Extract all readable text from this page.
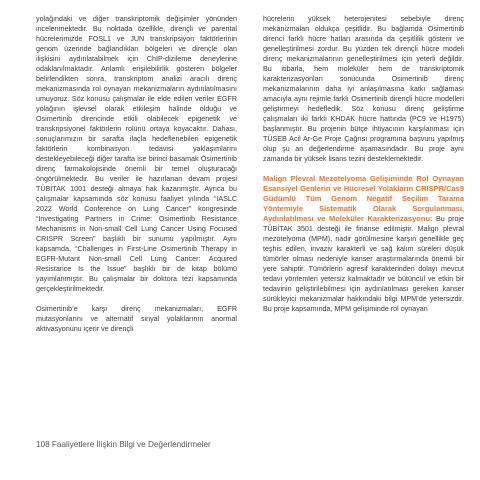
yolağındaki ve diğer transkriptomik değişimler yönünden incelenmektedir. Bu noktada özellikle, dirençli ve parental hücrelerimizde FOSL1 ve JUN transkripsiyon faktörlerinin genom üzerinde bağlandıkları bölgeleri ve dirençle olan ilişkisini aydınlatabilmek için ChIP-dizileme deneylerine odaklanılmaktadır. Anlamlı erişilebilirlik gösteren bölgeler belirlendikten sonra, transkriptom analizi aracılı direnç mekanizmasında rol oynayan mekanizmaların aydınlatılmasını umuyoruz. Söz konusu çalışmalar ile elde edilen veriler EGFR yolağının işlevsel olarak etkileşim halinde olduğu ve Osimertinib direncinde etkili olabilecek epigenetik ve transkripsiyonel faktörlerin rolünü ortaya koyacaktır. Dahası, sonuçlarımızın bir sarafta ilaçla hedeflenebileri epigenetik faktörlerin kombinasyon tedavisi yaklaşımlarını destekleyebileceği diğer tarafta ise birinci basamak Osimertinib direnç farmakolojisinde önemli bir temel oluşturacağı öngörülmektedir. Bu veriler ile hazırlanan devam projesi TÜBİTAK 1001 desteği almaya hak kazanmıştır. Ayrıca bu çalışmalar kapsamında söz konusu faaliyet yılında “IASLC 2022 World Conference on Lung Cancer” kongresinde “Investigating Partners in Crime: Osimertinib Resistance Mechanisms in Non-small Cell Lung Cancer Using Focused CRISPR Screen” başlıklı bir sunumu yapılmıştır. Aynı kapsamda, “Challenges in First-Line Osimertinib Therapy in EGFR-Mutant Non-small Cell Lung Cancer: Acquired Resistance Is the Issue” başlıklı bir de kitap bölümü yayımlanmıştır. Bu çalışmalar bir doktora tezi kapsamında gerçekleştirilmektedir.

Osimertinib’e karşı direnç mekanizmaları; EGFR mutasyonlarını ve alternatif sinyal yolaklarının anormal aktivasyonunu içerir ve dirençli

hücrelerin yüksek heterojenitesi sebebiyle direnç mekanizmaları oldukça çeşitlidir. Bu bağlamda Osimertinib direnci farklı hücre hatları arasında da çeşitlilik gösterir ve genelleştirilmesi zordur. Bu yüzden tek dirençli hücre modeli direnç mekanizmalarının genelleştirilmesi için yeterli değildir. Bu itibarla, hem moleküler hem de transkriptomik karakterizasyonları sonucunda Osimertinib direnç mekanizmalarının daha iyi anlaşılmasına katkı sağlaması amacıyla aynı rejimle farklı Osimertinib dirençli hücre modelleri geliştirmeyi hedefledik. Söz konusu direnç geliştirme çalışmaları iki farklı KHDAK hücre hattında (PC9 ve H1975) başlanmıştır. Bu projenin bütçe ihtiyacının karşılanması için TÜSEB Acil Ar-Ge Proje Çağrısı programına başvuru yapılmış olup şu an değerlendirme aşamasındadır. Bu proje aynı zamanda bir yüksek lisans tezini desteklemektedir.

Malign Plevral Mezotelyoma Gelişiminde Rol Oynayan Esansiyel Genlerin ve Hücresel Yolakların CRISPR/Cas9 Güdümlü Tüm Genom Negatif Seçilim Tarama Yöntemiyle Sistematik Olarak Sorgulanması, Aydınlatılması ve Moleküler Karakterizasyonu: Bu proje TÜBİTAK 3501 desteği ile finanse edilmiştir. Malign plevral mezotelyoma (MPM), nadir görülmesine karşın genellikle geç teşhis edilen, invaziv karakterli ve sağ kalım süreleri düşük tümörler olması nedeniyle kanser araştırmalarında önemli bir yere sahiptir. Tümörlerin agresif karakterinden dolayı mevcut tedavi yöntemleri yetersiz kalmaktadır ve bütüncül ve etkin bir tedavinin geliştirilebilmesi için aydınlatılması gereken kanser sürükleyici mekanizmalar hakkındaki bilgi MPM’de yetersizdir. Bu proje kapsamında, MPM gelişiminde rol oynayan

108 Faaliyetlere İlişkin Bilgi ve Değerlendirmeler
